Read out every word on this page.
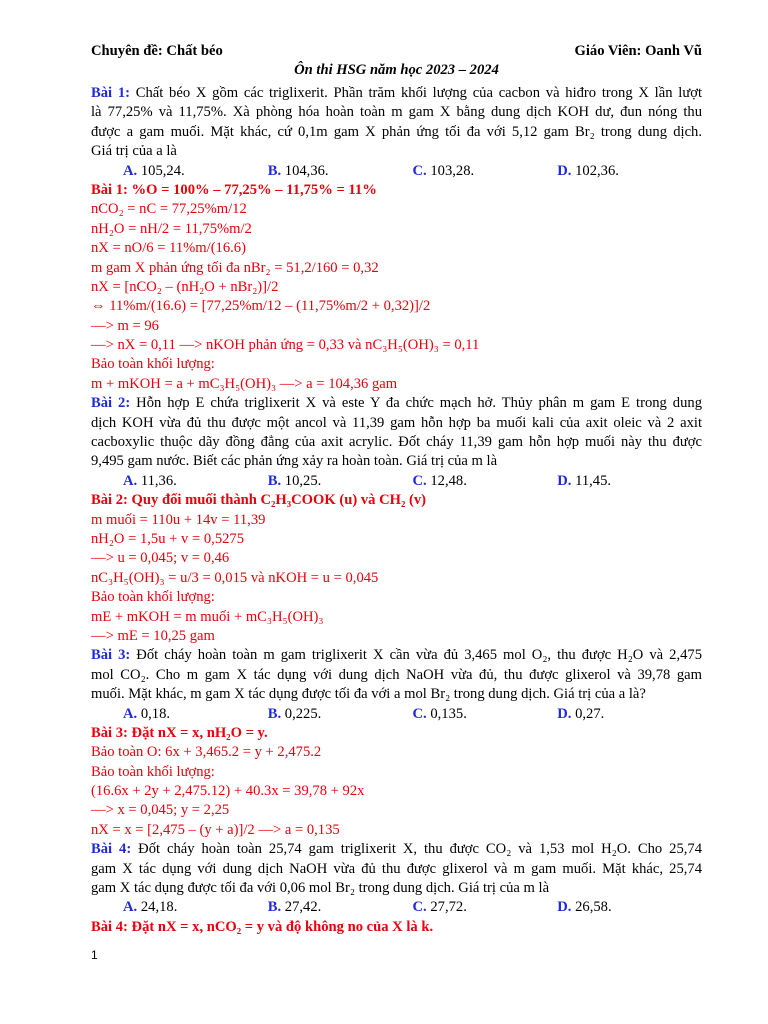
Chuyên đề: Chất béo	Giáo Viên: Oanh Vũ
Ôn thi HSG năm học 2023 – 2024
Bài 1: Chất béo X gồm các triglixerit. Phần trăm khối lượng của cacbon và hiđro trong X lần lượt
là 77,25% và 11,75%. Xà phòng hóa hoàn toàn m gam X bằng dung dịch KOH dư, đun nóng thu
được a gam muối. Mặt khác, cứ 0,1m gam X phản ứng tối đa với 5,12 gam Br₂ trong dung dịch.
Giá trị của a là
A. 105,24.	B. 104,36.	C. 103,28.	D. 102,36.
Bài 1: %O = 100% – 77,25% – 11,75% = 11%
nCO₂ = nC = 77,25%m/12
nH₂O = nH/2 = 11,75%m/2
nX = nO/6 = 11%m/(16.6)
m gam X phản ứng tối đa nBr₂ = 51,2/160 = 0,32
nX = [nCO₂ – (nH₂O + nBr₂)]/2
⇔ 11%m/(16.6) = [77,25%m/12 – (11,75%m/2 + 0,32)]/2
—> m = 96
—> nX = 0,11 —> nKOH phản ứng = 0,33 và nC₃H₅(OH)₃ = 0,11
Bảo toàn khối lượng:
m + mKOH = a + mC₃H₅(OH)₃ —> a = 104,36 gam
Bài 2: Hỗn hợp E chứa triglixerit X và este Y đa chức mạch hở. Thủy phân m gam E trong dung
dịch KOH vừa đủ thu được một ancol và 11,39 gam hỗn hợp ba muối kali của axit oleic và 2 axit
cacboxylic thuộc dãy đồng đẳng của axit acrylic. Đốt cháy 11,39 gam hỗn hợp muối này thu được
9,495 gam nước. Biết các phản ứng xảy ra hoàn toàn. Giá trị của m là
A. 11,36.	B. 10,25.	C. 12,48.	D. 11,45.
Bài 2: Quy đổi muối thành C₂H₃COOK (u) và CH₂ (v)
m muối = 110u + 14v = 11,39
nH₂O = 1,5u + v = 0,5275
—> u = 0,045; v = 0,46
nC₃H₅(OH)₃ = u/3 = 0,015 và nKOH = u = 0,045
Bảo toàn khối lượng:
mE + mKOH = m muối + mC₃H₅(OH)₃
—> mE = 10,25 gam
Bài 3: Đốt cháy hoàn toàn m gam triglixerit X cần vừa đủ 3,465 mol O₂, thu được H₂O và 2,475
mol CO₂. Cho m gam X tác dụng với dung dịch NaOH vừa đủ, thu được glixerol và 39,78 gam
muối. Mặt khác, m gam X tác dụng được tối đa với a mol Br₂ trong dung dịch. Giá trị của a là?
A. 0,18.	B. 0,225.	C. 0,135.	D. 0,27.
Bài 3: Đặt nX = x, nH₂O = y.
Bảo toàn O: 6x + 3,465.2 = y + 2,475.2
Bảo toàn khối lượng:
(16.6x + 2y + 2,475.12) + 40.3x = 39,78 + 92x
—> x = 0,045; y = 2,25
nX = x = [2,475 – (y + a)]/2 —> a = 0,135
Bài 4: Đốt cháy hoàn toàn 25,74 gam triglixerit X, thu được CO₂ và 1,53 mol H₂O. Cho 25,74
gam X tác dụng với dung dịch NaOH vừa đủ thu được glixerol và m gam muối. Mặt khác, 25,74
gam X tác dụng được tối đa với 0,06 mol Br₂ trong dung dịch. Giá trị của m là
A. 24,18.	B. 27,42.	C. 27,72.	D. 26,58.
Bài 4: Đặt nX = x, nCO₂ = y và độ không no của X là k.
1
